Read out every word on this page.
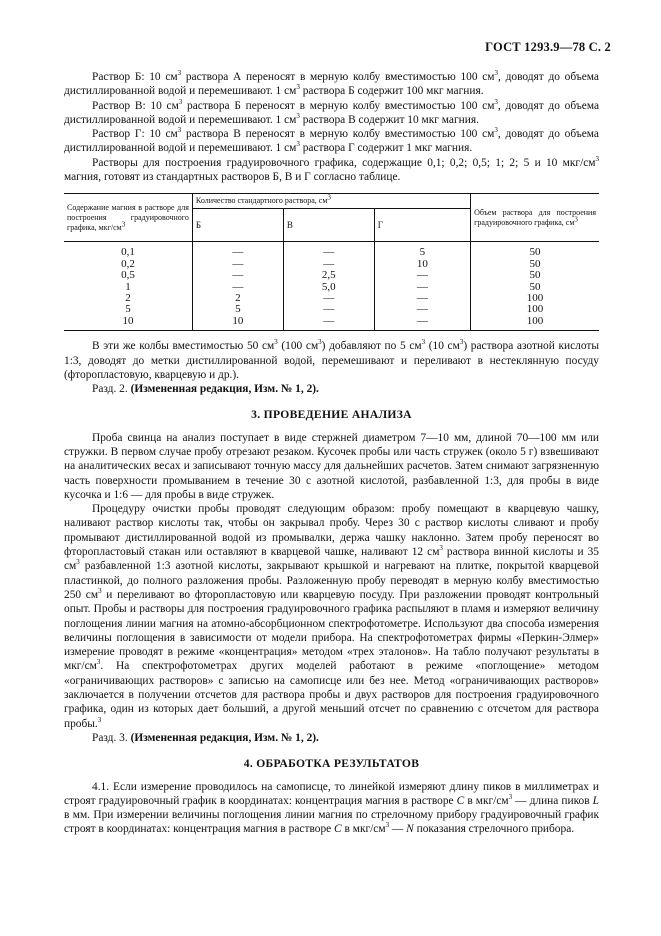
ГОСТ 1293.9—78 С. 2

Раствор Б: 10 $см^3$ раствора А переносят в мерную колбу вместимостью 100 $см^3$, доводят до объема дистиллированной водой и перемешивают. 1 $см^3$ раствора Б содержит 100 мкг магния.

Раствор В: 10 $см^3$ раствора Б переносят в мерную колбу вместимостью 100 $см^3$, доводят до объема дистиллированной водой и перемешивают. 1 $см^3$ раствора В содержит 10 мкг магния.

Раствор Г: 10 $см^3$ раствора В переносят в мерную колбу вместимостью 100 $см^3$, доводят до объема дистиллированной водой и перемешивают. 1 $см^3$ раствора Г содержит 1 мкг магния.

Растворы для построения градуировочного графика, содержащие 0,1; 0,2; 0,5; 1; 2; 5 и 10 мкг/$см^3$ магния, готовят из стандартных растворов Б, В и Г согласно таблице.

Содержание магния в растворе для построения градуировочного графика, мкг/$см^3$	Количество стандартного раствора, $см^3$			Объем раствора для построения градуировочного графика, $см^3$
	Б	В	Г	
0,1	—	—	5	50
0,2	—	—	10	50
0,5	—	2,5	—	50
1	—	5,0	—	50
2	2	—	—	100
5	5	—	—	100
10	10	—	—	100

В эти же колбы вместимостью 50 $см^3$ (100 $см^3$) добавляют по 5 $см^3$ (10 $см^3$) раствора азотной кислоты 1:3, доводят до метки дистиллированной водой, перемешивают и переливают в нестеклянную посуду (фторопластовую, кварцевую и др.).

Разд. 2. (Измененная редакция, Изм. № 1, 2).

3. ПРОВЕДЕНИЕ АНАЛИЗА

Проба свинца на анализ поступает в виде стержней диаметром 7—10 мм, длиной 70—100 мм или стружки. В первом случае пробу отрезают резаком. Кусочек пробы или часть стружек (около 5 г) взвешивают на аналитических весах и записывают точную массу для дальнейших расчетов. Затем снимают загрязненную часть поверхности промыванием в течение 30 с азотной кислотой, разбавленной 1:3, для пробы в виде кусочка и 1:6 — для пробы в виде стружек.

Процедуру очистки пробы проводят следующим образом: пробу помещают в кварцевую чашку, наливают раствор кислоты так, чтобы он закрывал пробу. Через 30 с раствор кислоты сливают и пробу промывают дистиллированной водой из промывалки, держа чашку наклонно. Затем пробу переносят во фторопластовый стакан или оставляют в кварцевой чашке, наливают 12 $см^3$ раствора винной кислоты и 35 $см^3$ разбавленной 1:3 азотной кислоты, закрывают крышкой и нагревают на плитке, покрытой кварцевой пластинкой, до полного разложения пробы. Разложенную пробу переводят в мерную колбу вместимостью 250 $см^3$ и переливают во фторопластовую или кварцевую посуду. При разложении проводят контрольный опыт. Пробы и растворы для построения градуировочного графика распыляют в пламя и измеряют величину поглощения линии магния на атомно-абсорбционном спектрофотометре. Используют два способа измерения величины поглощения в зависимости от модели прибора. На спектрофотометрах фирмы «Перкин-Элмер» измерение проводят в режиме «концентрация» методом «трех эталонов». На табло получают результаты в мкг/$см^3$. На спектрофотометрах других моделей работают в режиме «поглощение» методом «ограничивающих растворов» с записью на самописце или без нее. Метод «ограничивающих растворов» заключается в получении отсчетов для раствора пробы и двух растворов для построения градуировочного графика, один из которых дает больший, а другой меньший отсчет по сравнению с отсчетом для раствора пробы.$^3$

Разд. 3. (Измененная редакция, Изм. № 1, 2).

4. ОБРАБОТКА РЕЗУЛЬТАТОВ

4.1. Если измерение проводилось на самописце, то линейкой измеряют длину пиков в миллиметрах и строят градуировочный график в координатах: концентрация магния в растворе С в мкг/$см^3$ — длина пиков L в мм. При измерении величины поглощения линии магния по стрелочному прибору градуировочный график строят в координатах: концентрация магния в растворе С в мкг/$см^3$ — N показания стрелочного прибора.
